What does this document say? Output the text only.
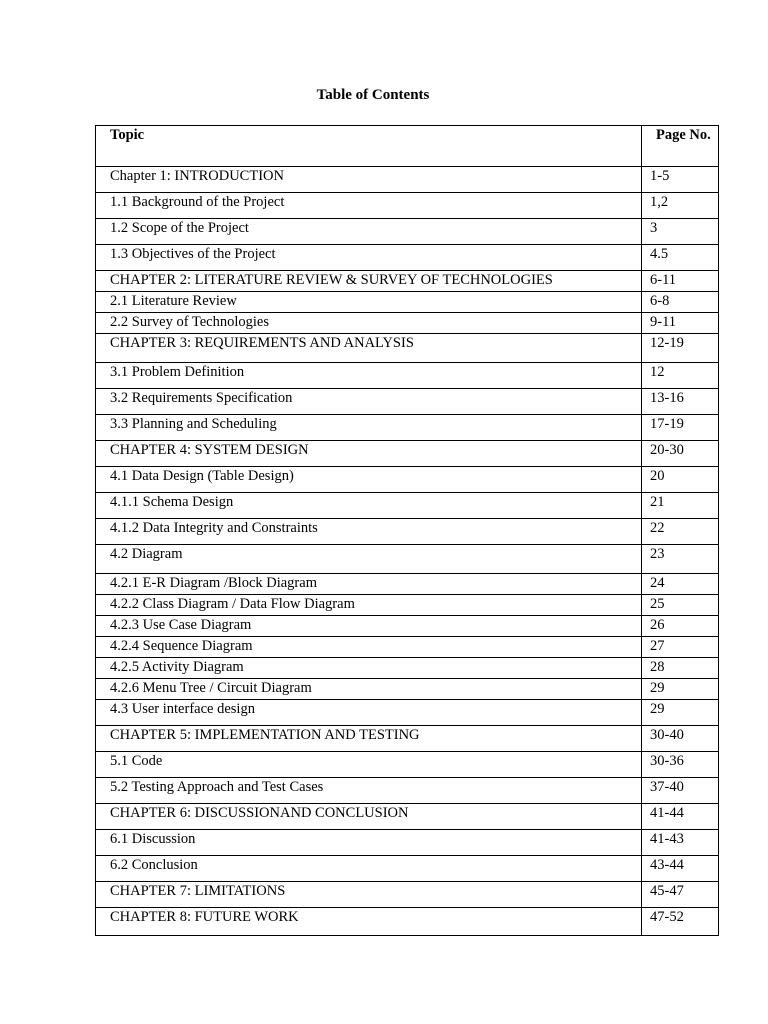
Table of Contents
Topic	Page No.
Chapter 1: INTRODUCTION	1-5
1.1 Background of the Project	1,2
1.2 Scope of the Project	3
1.3 Objectives of the Project	4.5
CHAPTER 2: LITERATURE REVIEW & SURVEY OF TECHNOLOGIES	6-11
2.1 Literature Review	6-8
2.2 Survey of Technologies	9-11
CHAPTER 3: REQUIREMENTS AND ANALYSIS	12-19
3.1 Problem Definition	12
3.2 Requirements Specification	13-16
3.3 Planning and Scheduling	17-19
CHAPTER 4: SYSTEM DESIGN	20-30
4.1 Data Design (Table Design)	20
4.1.1 Schema Design	21
4.1.2 Data Integrity and Constraints	22
4.2 Diagram	23
4.2.1 E-R Diagram /Block Diagram	24
4.2.2 Class Diagram / Data Flow Diagram	25
4.2.3 Use Case Diagram	26
4.2.4 Sequence Diagram	27
4.2.5 Activity Diagram	28
4.2.6 Menu Tree / Circuit Diagram	29
4.3 User interface design	29
CHAPTER 5: IMPLEMENTATION AND TESTING	30-40
5.1 Code	30-36
5.2 Testing Approach and Test Cases	37-40
CHAPTER 6: DISCUSSIONAND CONCLUSION	41-44
6.1 Discussion	41-43
6.2 Conclusion	43-44
CHAPTER 7: LIMITATIONS	45-47
CHAPTER 8: FUTURE WORK	47-52
